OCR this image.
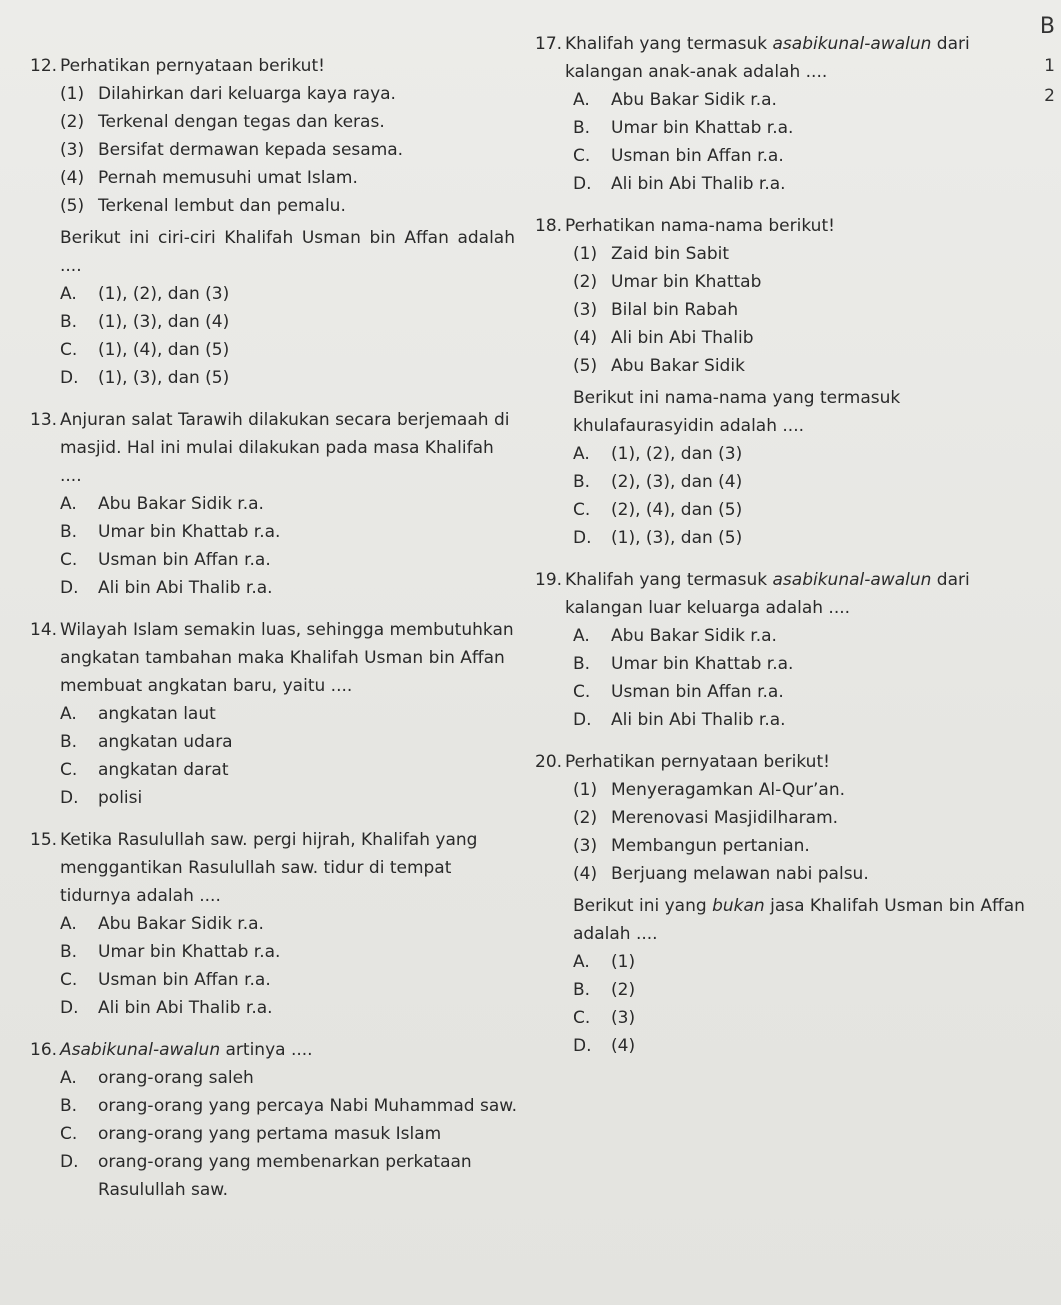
B
1
2
12. Perhatikan pernyataan berikut!
(1) Dilahirkan dari keluarga kaya raya.
(2) Terkenal dengan tegas dan keras.
(3) Bersifat dermawan kepada sesama.
(4) Pernah memusuhi umat Islam.
(5) Terkenal lembut dan pemalu.
Berikut ini ciri-ciri Khalifah Usman bin Affan adalah ....
A.	(1), (2), dan (3)
B.	(1), (3), dan (4)
C.	(1), (4), dan (5)
D.	(1), (3), dan (5)
13. Anjuran salat Tarawih dilakukan secara berjemaah di masjid. Hal ini mulai dilakukan pada masa Khalifah ....
A.	Abu Bakar Sidik r.a.
B.	Umar bin Khattab r.a.
C.	Usman bin Affan r.a.
D.	Ali bin Abi Thalib r.a.
14. Wilayah Islam semakin luas, sehingga membutuhkan angkatan tambahan maka Khalifah Usman bin Affan membuat angkatan baru, yaitu ....
A.	angkatan laut
B.	angkatan udara
C.	angkatan darat
D.	polisi
15. Ketika Rasulullah saw. pergi hijrah, Khalifah yang menggantikan Rasulullah saw. tidur di tempat tidurnya adalah ....
A.	Abu Bakar Sidik r.a.
B.	Umar bin Khattab r.a.
C.	Usman bin Affan r.a.
D.	Ali bin Abi Thalib r.a.
16. Asabikunal-awalun artinya ....
A.	orang-orang saleh
B.	orang-orang yang percaya Nabi Muhammad saw.
C.	orang-orang yang pertama masuk Islam
D.	orang-orang yang membenarkan perkataan Rasulullah saw.
17. Khalifah yang termasuk asabikunal-awalun dari kalangan anak-anak adalah ....
A.	Abu Bakar Sidik r.a.
B.	Umar bin Khattab r.a.
C.	Usman bin Affan r.a.
D.	Ali bin Abi Thalib r.a.
18. Perhatikan nama-nama berikut!
(1) Zaid bin Sabit
(2) Umar bin Khattab
(3) Bilal bin Rabah
(4) Ali bin Abi Thalib
(5) Abu Bakar Sidik
Berikut ini nama-nama yang termasuk khulafaurasyidin adalah ....
A.	(1), (2), dan (3)
B.	(2), (3), dan (4)
C.	(2), (4), dan (5)
D.	(1), (3), dan (5)
19. Khalifah yang termasuk asabikunal-awalun dari kalangan luar keluarga adalah ....
A.	Abu Bakar Sidik r.a.
B.	Umar bin Khattab r.a.
C.	Usman bin Affan r.a.
D.	Ali bin Abi Thalib r.a.
20. Perhatikan pernyataan berikut!
(1) Menyeragamkan Al-Qur’an.
(2) Merenovasi Masjidilharam.
(3) Membangun pertanian.
(4) Berjuang melawan nabi palsu.
Berikut ini yang bukan jasa Khalifah Usman bin Affan adalah ....
A.	(1)
B.	(2)
C.	(3)
D.	(4)
